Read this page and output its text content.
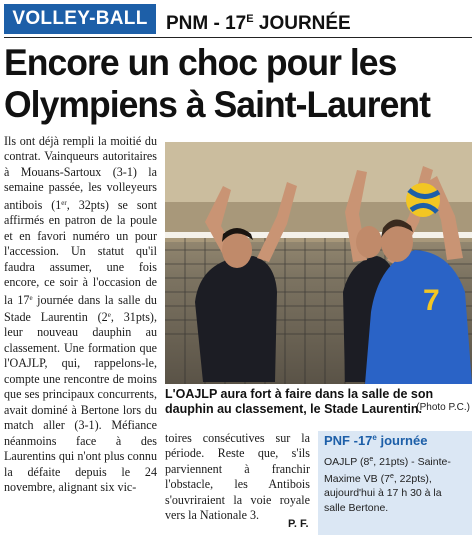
VOLLEY-BALL PNM - $17^E$ JOURNÉE
Encore un choc pour les
Olympiens à Saint-Laurent

Ils ont déjà rempli la moitié du contrat. Vainqueurs autoritaires à Mouans-Sartoux (3-1) la semaine passée, les volleyeurs antibois (1er, 32pts) se sont affirmés en patron de la poule et en favori numéro un pour l'accession. Un statut qu'il faudra assumer, une fois encore, ce soir à l'occasion de la 17e journée dans la salle du Stade Laurentin (2e, 31pts), leur nouveau dauphin au classement. Une formation que l'OAJLP, qui, rappelons-le, compte une rencontre de moins que ses principaux concurrents, avait dominé à Bertone lors du match aller (3-1). Méfiance néanmoins face à des Laurentins qui n'ont plus connu la défaite depuis le 24 novembre, alignant six vic-

7
L'OAJLP aura fort à faire dans la salle de son dauphin au classement, le Stade Laurentin.
(Photo P.C.)

toires consécutives sur la période. Reste que, s'ils parviennent à franchir l'obstacle, les Antibois s'ouvriraient la voie royale vers la Nationale 3.

P. F.
PNF -17e journée
OAJLP (8e, 21pts) - Sainte-Maxime VB (7e, 22pts), aujourd'hui à 17 h 30 à la salle Bertone.
